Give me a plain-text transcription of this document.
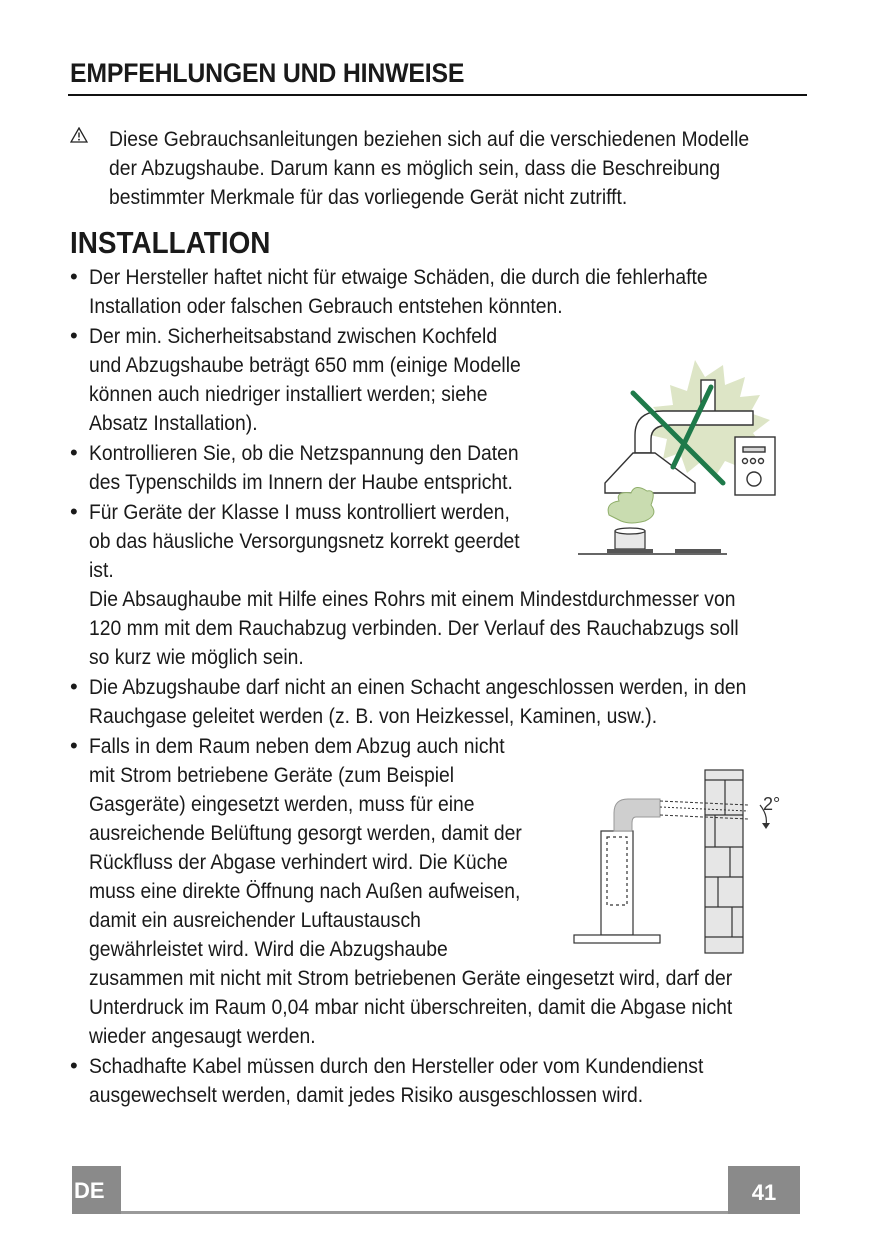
EMPFEHLUNGEN UND HINWEISE
Diese Gebrauchsanleitungen beziehen sich auf die verschiedenen Modelle
der Abzugshaube. Darum kann es möglich sein, dass die Beschreibung
bestimmter Merkmale für das vorliegende Gerät nicht zutrifft.
INSTALLATION
• Der Hersteller haftet nicht für etwaige Schäden, die durch die fehlerhafte
Installation oder falschen Gebrauch entstehen könnten.
• Der min. Sicherheitsabstand zwischen Kochfeld
und Abzugshaube beträgt 650 mm (einige Modelle
können auch niedriger installiert werden; siehe
Absatz Installation).
• Kontrollieren Sie, ob die Netzspannung den Daten
des Typenschilds im Innern der Haube entspricht.
• Für Geräte der Klasse I muss kontrolliert werden,
ob das häusliche Versorgungsnetz korrekt geerdet
ist.
Die Absaughaube mit Hilfe eines Rohrs mit einem Mindestdurchmesser von
120 mm mit dem Rauchabzug verbinden. Der Verlauf des Rauchabzugs soll
so kurz wie möglich sein.
• Die Abzugshaube darf nicht an einen Schacht angeschlossen werden, in den
Rauchgase geleitet werden (z. B. von Heizkessel, Kaminen, usw.).
• Falls in dem Raum neben dem Abzug auch nicht
mit Strom betriebene Geräte (zum Beispiel
Gasgeräte) eingesetzt werden, muss für eine
ausreichende Belüftung gesorgt werden, damit der
Rückfluss der Abgase verhindert wird. Die Küche
muss eine direkte Öffnung nach Außen aufweisen,
damit ein ausreichender Luftaustausch
gewährleistet wird. Wird die Abzugshaube
zusammen mit nicht mit Strom betriebenen Geräte eingesetzt wird, darf der
Unterdruck im Raum 0,04 mbar nicht überschreiten, damit die Abgase nicht
wieder angesaugt werden.
• Schadhafte Kabel müssen durch den Hersteller oder vom Kundendienst
ausgewechselt werden, damit jedes Risiko ausgeschlossen wird.
2°
DE	41
